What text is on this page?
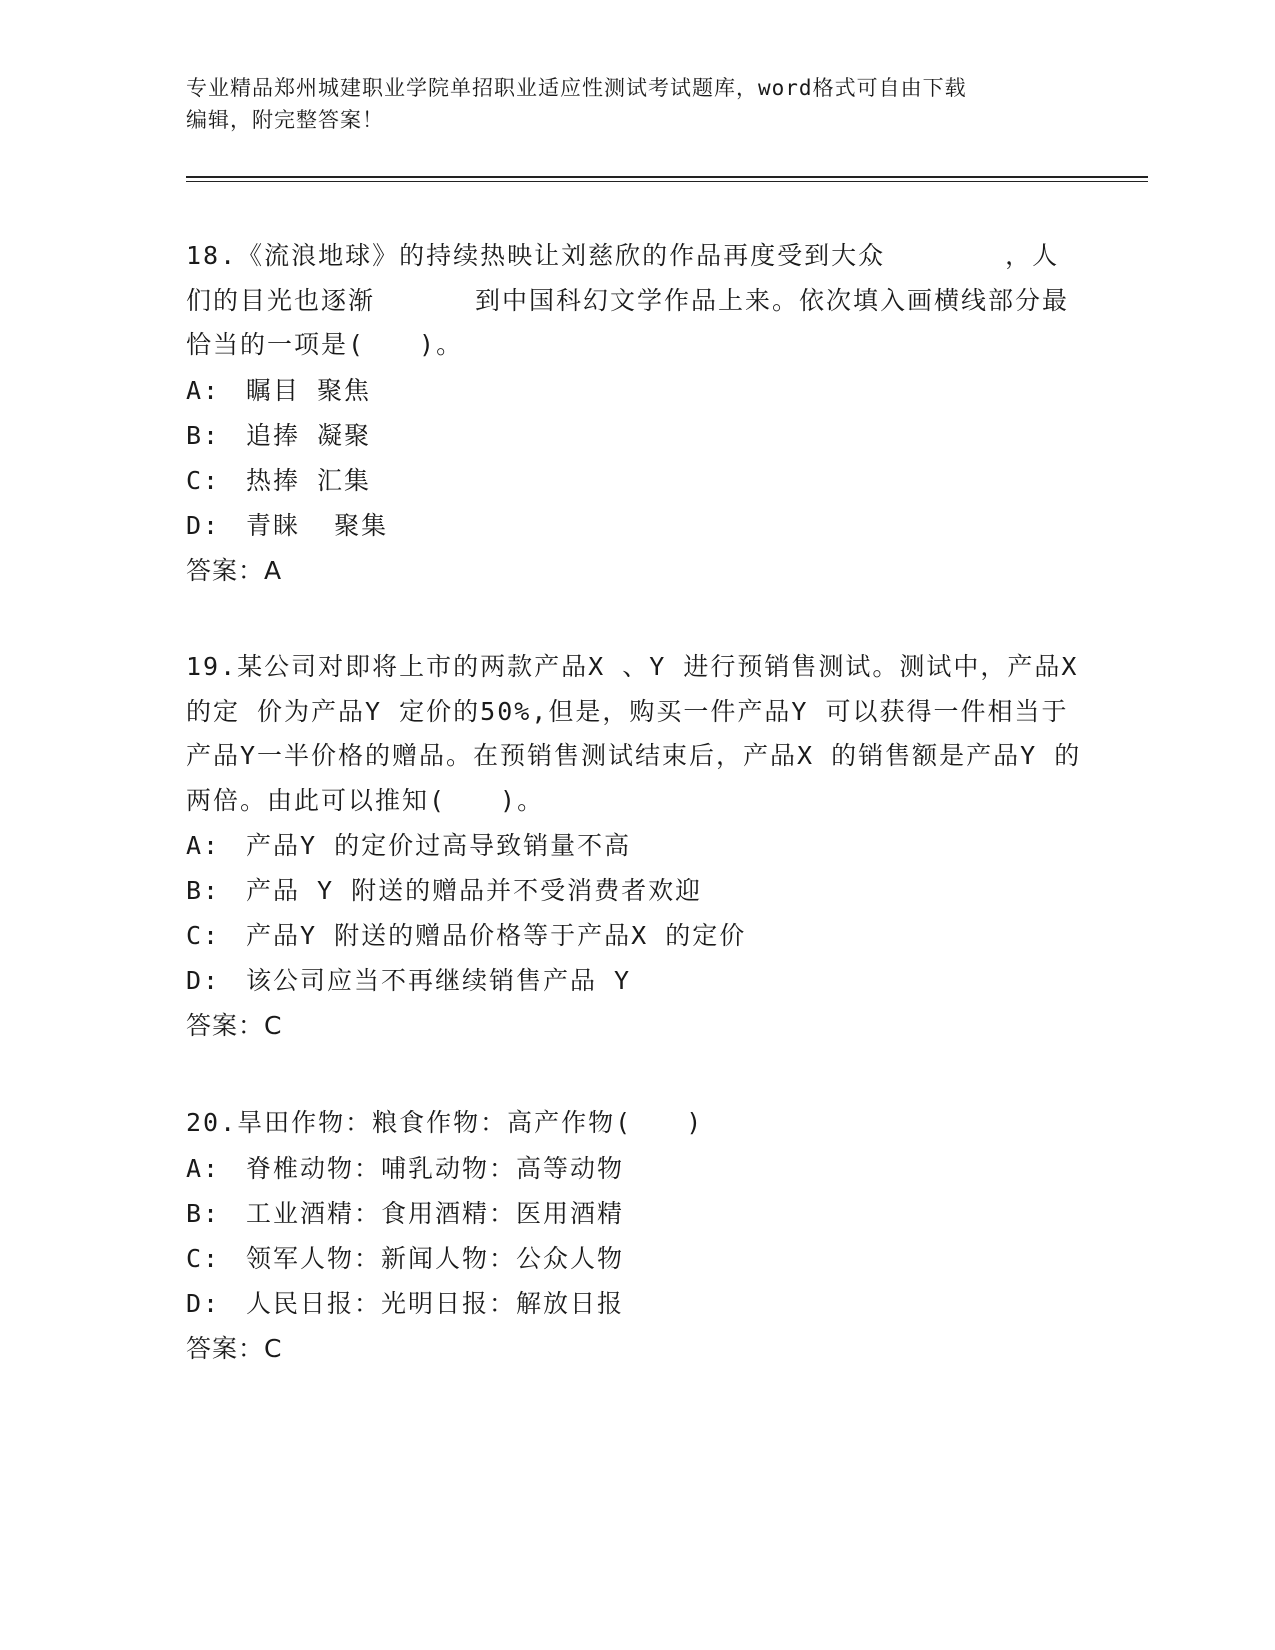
专业精品郑州城建职业学院单招职业适应性测试考试题库，word格式可自由下载
编辑，附完整答案！
18.《流浪地球》的持续热映让刘慈欣的作品再度受到大众	，人们的目光也逐渐	到中国科幻文学作品上来。依次填入画横线部分最恰当的一项是(　　)。
A: 瞩目 聚焦
B: 追捧 凝聚
C: 热捧 汇集
D: 青睐  聚集
答案：A
19.某公司对即将上市的两款产品X 、Y 进行预销售测试。测试中，产品X 的定 价为产品Y 定价的50%,但是，购买一件产品Y 可以获得一件相当于产品Y一半价格的赠品。在预销售测试结束后，产品X 的销售额是产品Y 的两倍。由此可以推知(　　)。
A: 产品Y 的定价过高导致销量不高
B: 产品 Y 附送的赠品并不受消费者欢迎
C: 产品Y 附送的赠品价格等于产品X 的定价
D: 该公司应当不再继续销售产品 Y
答案：C
20.旱田作物：粮食作物：高产作物(　　)
A: 脊椎动物：哺乳动物：高等动物
B: 工业酒精：食用酒精：医用酒精
C: 领军人物：新闻人物：公众人物
D: 人民日报：光明日报：解放日报
答案：C
